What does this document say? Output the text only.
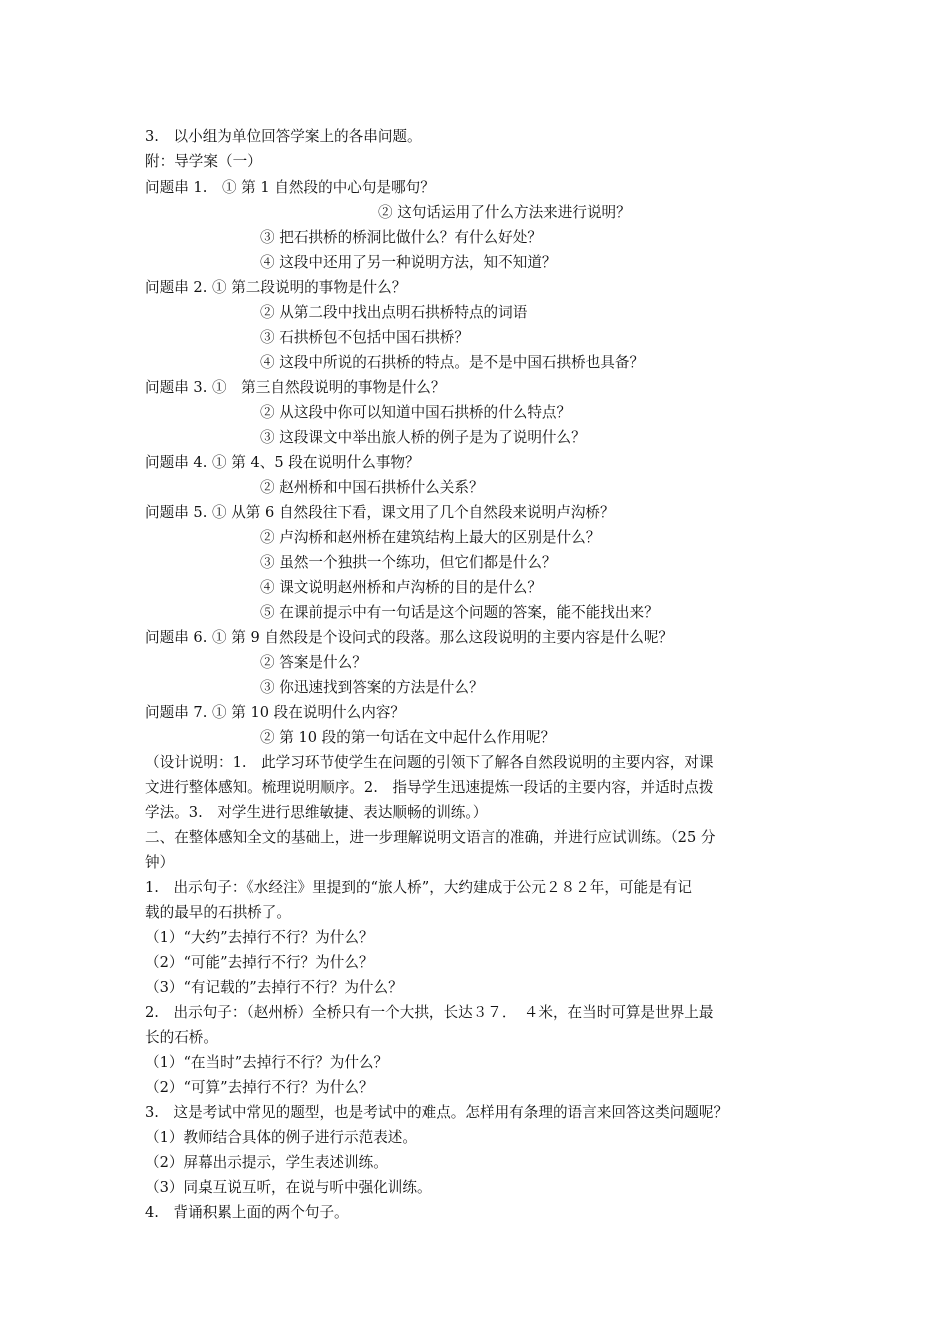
3.　以小组为单位回答学案上的各串问题。
附：导学案（一）
问题串 1.　① 第 1 自然段的中心句是哪句？
② 这句话运用了什么方法来进行说明？
③ 把石拱桥的桥洞比做什么？有什么好处？
④ 这段中还用了另一种说明方法，知不知道？
问题串 2. ① 第二段说明的事物是什么？
② 从第二段中找出点明石拱桥特点的词语
③ 石拱桥包不包括中国石拱桥？
④ 这段中所说的石拱桥的特点。是不是中国石拱桥也具备？
问题串 3. ①　第三自然段说明的事物是什么？
② 从这段中你可以知道中国石拱桥的什么特点？
③ 这段课文中举出旅人桥的例子是为了说明什么？
问题串 4. ① 第 4、5 段在说明什么事物？
② 赵州桥和中国石拱桥什么关系？
问题串 5. ① 从第 6 自然段往下看，课文用了几个自然段来说明卢沟桥？
② 卢沟桥和赵州桥在建筑结构上最大的区别是什么？
③ 虽然一个独拱一个练功，但它们都是什么？
④ 课文说明赵州桥和卢沟桥的目的是什么？
⑤ 在课前提示中有一句话是这个问题的答案，能不能找出来？
问题串 6. ① 第 9 自然段是个设问式的段落。那么这段说明的主要内容是什么呢？
② 答案是什么？
③ 你迅速找到答案的方法是什么？
问题串 7. ① 第 10 段在说明什么内容？
② 第 10 段的第一句话在文中起什么作用呢？
（设计说明：1.　此学习环节使学生在问题的引领下了解各自然段说明的主要内容，对课
文进行整体感知。梳理说明顺序。2.　指导学生迅速提炼一段话的主要内容，并适时点拨
学法。3.　对学生进行思维敏捷、表达顺畅的训练。）
二、在整体感知全文的基础上，进一步理解说明文语言的准确，并进行应试训练。（25 分
钟）
1.　出示句子：《水经注》里提到的“旅人桥”，大约建成于公元２８２年，可能是有记
载的最早的石拱桥了。
（1）“大约”去掉行不行？为什么？
（2）“可能”去掉行不行？为什么？
（3）“有记载的”去掉行不行？为什么？
2.　出示句子：（赵州桥）全桥只有一个大拱，长达３７．　４米，在当时可算是世界上最
长的石桥。
（1）“在当时”去掉行不行？为什么？
（2）“可算”去掉行不行？为什么？
3.　这是考试中常见的题型，也是考试中的难点。怎样用有条理的语言来回答这类问题呢？
（1）教师结合具体的例子进行示范表述。
（2）屏幕出示提示，学生表述训练。
（3）同桌互说互听，在说与听中强化训练。
4.　背诵积累上面的两个句子。
